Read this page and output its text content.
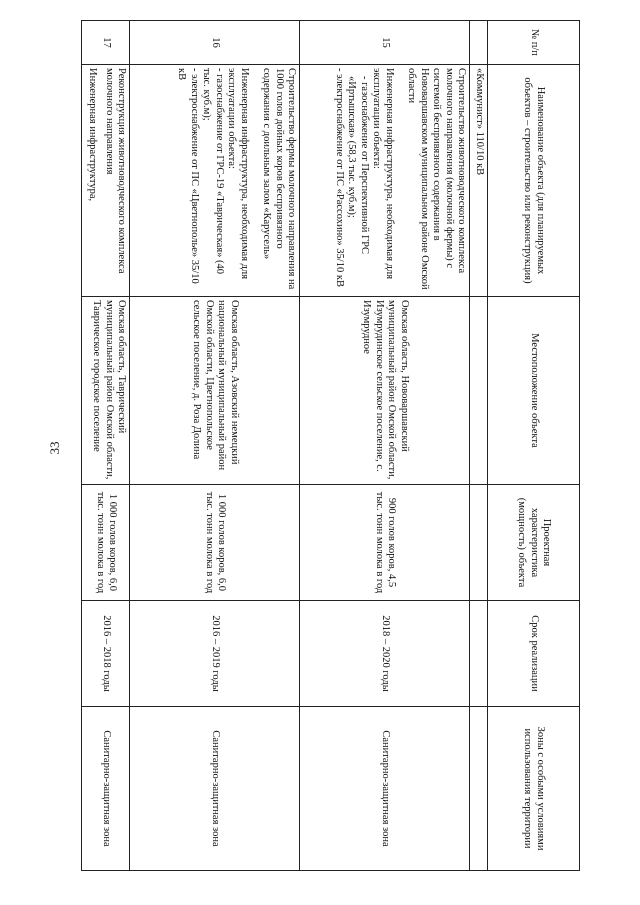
33
№ п/п	Наименование объекта (для планируемых объектов – строительство или реконструкция)	Местоположение объекта	Проектная характеристика (мощность) объекта	Срок реализации	Зоны с особыми условиями использования территории
	«Коммунист» 110/10 кВ				
15	Строительство животноводческого комплекса молочного направления (молочной фермы) с системой беспривязного содержания в Нововаршавском муниципальном районе Омской области
Инженерная инфраструктура, необходимая для эксплуатации объекта:
- газоснабжение от Перспективной ГРС «Иртышская» (58,3 тыс. куб.м);
- электроснабжение от ПС «Рассохино» 35/10 кВ	Омская область, Нововаршавский муниципальный район Омской области, Изумрудинское сельское поселение, с. Изумрудное	900 голов коров, 4,5 тыс. тонн молока в год	2018 – 2020 годы	Санитарно-защитная зона
16	Строительство фермы молочного направления на 1000 голов дойных коров беспривязного содержания с доильным залом «Карусель»
Инженерная инфраструктура, необходимая для эксплуатации объекта:
- газоснабжение от ГРС-19 «Таврическая» (40 тыс. куб.м);
- электроснабжение от ПС «Цветнополье» 35/10 кВ	Омская область, Азовский немецкий национальный муниципальный район Омской области, Цветнопольское сельское поселение, д. Роза Долина	1 000 голов коров, 6,0 тыс. тонн молока в год	2016 – 2019 годы	Санитарно-защитная зона
17	Реконструкция животноводческого комплекса молочного направления
Инженерная инфраструктура,	Омская область, Таврический муниципальный район Омской области, Таврическое городское поселение	1 000 голов коров, 6,0 тыс. тонн молока в год	2016 – 2018 годы	Санитарно-защитная зона
